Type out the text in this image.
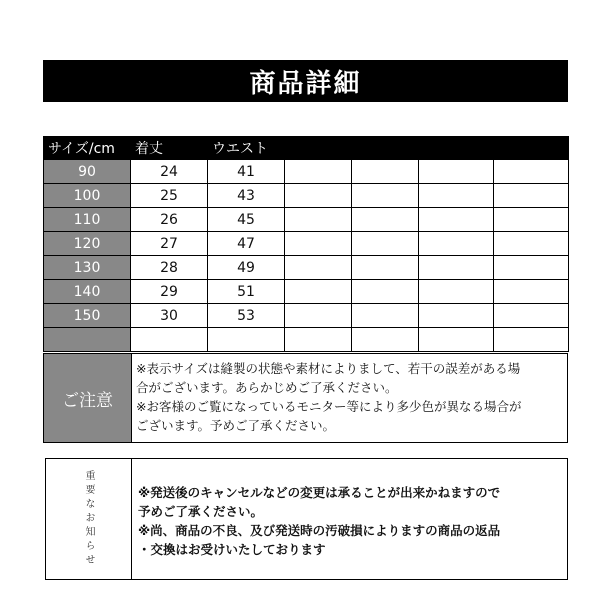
商品詳細
サイズ/cm	着丈	ウエスト				
90	24	41				
100	25	43				
110	26	45				
120	27	47				
130	28	49				
140	29	51				
150	30	53				

ご注意

※表示サイズは縫製の状態や素材によりまして、若干の誤差がある場

合がございます。あらかじめご了承ください。

※お客様のご覧になっているモニター等により多少色が異なる場合が

ございます。予めご了承ください。

重要なお知らせ	※発送後のキャンセルなどの変更は承ることが出来かねますので

予めご了承ください。

※尚、商品の不良、及び発送時の汚破損によりますの商品の返品

・交換はお受けいたしております
